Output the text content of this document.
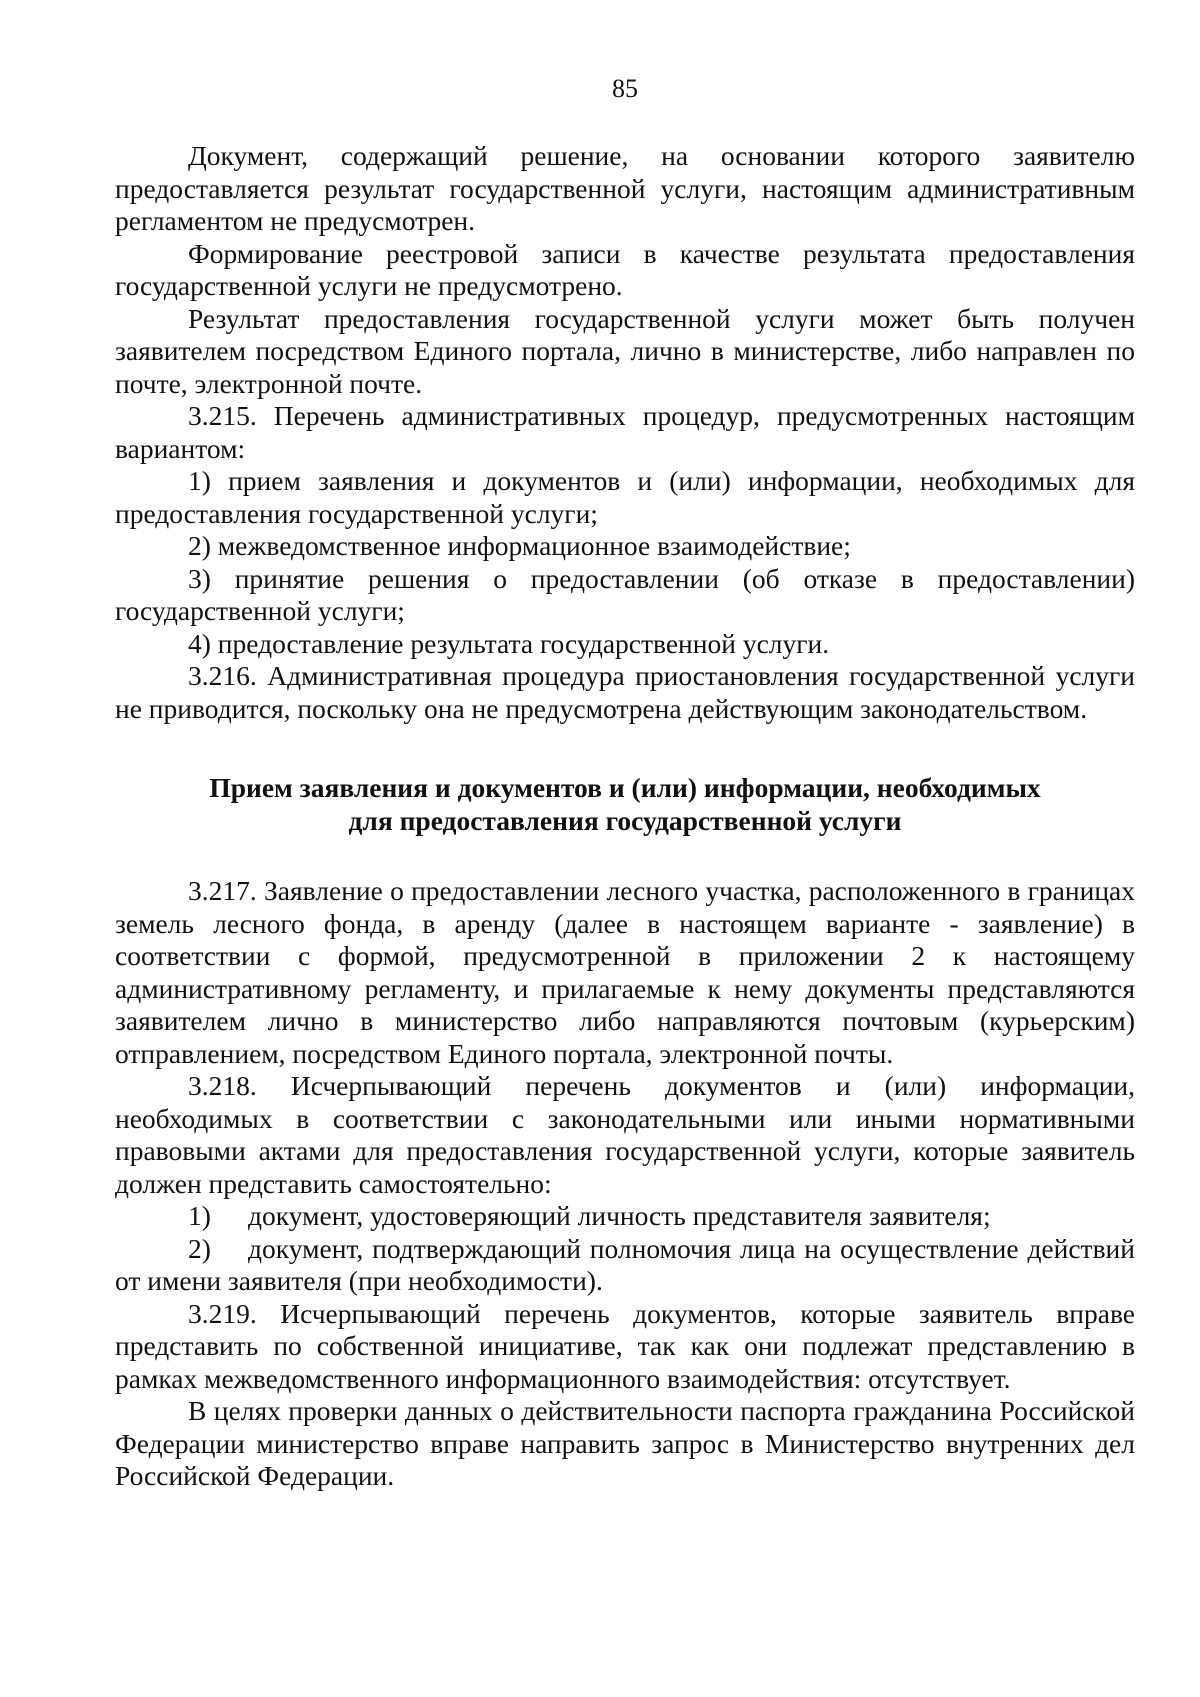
85

Документ, содержащий решение, на основании которого заявителю предоставляется результат государственной услуги, настоящим административным регламентом не предусмотрен.

Формирование реестровой записи в качестве результата предоставления государственной услуги не предусмотрено.

Результат предоставления государственной услуги может быть получен заявителем посредством Единого портала, лично в министерстве, либо направлен по почте, электронной почте.

3.215. Перечень административных процедур, предусмотренных настоящим вариантом:

1) прием заявления и документов и (или) информации, необходимых для предоставления государственной услуги;

2) межведомственное информационное взаимодействие;

3) принятие решения о предоставлении (об отказе в предоставлении) государственной услуги;

4) предоставление результата государственной услуги.

3.216. Административная процедура приостановления государственной услуги не приводится, поскольку она не предусмотрена действующим законодательством.

Прием заявления и документов и (или) информации, необходимых для предоставления государственной услуги

3.217. Заявление о предоставлении лесного участка, расположенного в границах земель лесного фонда, в аренду (далее в настоящем варианте - заявление) в соответствии с формой, предусмотренной в приложении 2 к настоящему административному регламенту, и прилагаемые к нему документы представляются заявителем лично в министерство либо направляются почтовым (курьерским) отправлением, посредством Единого портала, электронной почты.

3.218. Исчерпывающий перечень документов и (или) информации, необходимых в соответствии с законодательными или иными нормативными правовыми актами для предоставления государственной услуги, которые заявитель должен представить самостоятельно:

1) документ, удостоверяющий личность представителя заявителя;

2) документ, подтверждающий полномочия лица на осуществление действий от имени заявителя (при необходимости).

3.219. Исчерпывающий перечень документов, которые заявитель вправе представить по собственной инициативе, так как они подлежат представлению в рамках межведомственного информационного взаимодействия: отсутствует.

В целях проверки данных о действительности паспорта гражданина Российской Федерации министерство вправе направить запрос в Министерство внутренних дел Российской Федерации.
